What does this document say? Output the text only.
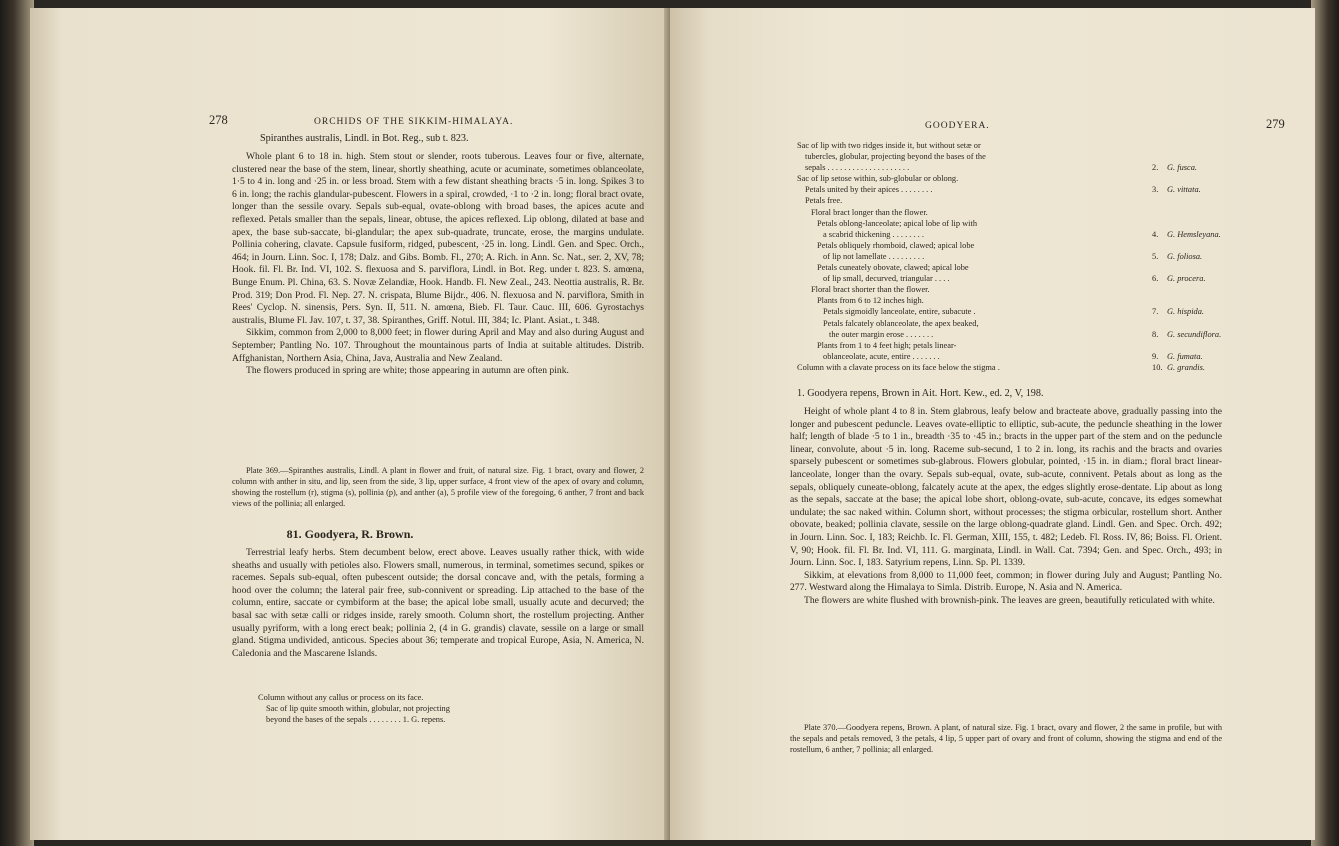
278	ORCHIDS OF THE SIKKIM-HIMALAYA.
Spiranthes australis, Lindl. in Bot. Reg., sub t. 823.

Whole plant 6 to 18 in. high. Stem stout or slender, roots tuberous. Leaves four or five, alternate, clustered near the base of the stem, linear, shortly sheathing, acute or acuminate, sometimes oblanceolate, 1·5 to 4 in. long and ·25 in. or less broad. Stem with a few distant sheathing bracts ·5 in. long. Spikes 3 to 6 in. long; the rachis glandular-pubescent. Flowers in a spiral, crowded, ·1 to ·2 in. long; floral bract ovate, longer than the sessile ovary. Sepals sub-equal, ovate-oblong with broad bases, the apices acute and reflexed. Petals smaller than the sepals, linear, obtuse, the apices reflexed. Lip oblong, dilated at base and apex, the base sub-saccate, bi-glandular; the apex sub-quadrate, truncate, erose, the margins undulate. Pollinia cohering, clavate. Capsule fusiform, ridged, pubescent, ·25 in. long. Lindl. Gen. and Spec. Orch., 464; in Journ. Linn. Soc. I, 178; Dalz. and Gibs. Bomb. Fl., 270; A. Rich. in Ann. Sc. Nat., ser. 2, XV, 78; Hook. fil. Fl. Br. Ind. VI, 102. S. flexuosa and S. parviflora, Lindl. in Bot. Reg. under t. 823. S. amœna, Bunge Enum. Pl. China, 63. S. Novæ Zelandiæ, Hook. Handb. Fl. New Zeal., 243. Neottia australis, R. Br. Prod. 319; Don Prod. Fl. Nep. 27. N. crispata, Blume Bijdr., 406. N. flexuosa and N. parviflora, Smith in Rees' Cyclop. N. sinensis, Pers. Syn. II, 511. N. amœna, Bieb. Fl. Taur. Cauc. III, 606. Gyrostachys australis, Blume Fl. Jav. 107, t. 37, 38. Spiranthes, Griff. Notul. III, 384; Ic. Plant. Asiat., t. 348.

Sikkim, common from 2,000 to 8,000 feet; in flower during April and May and also during August and September; Pantling No. 107. Throughout the mountainous parts of India at suitable altitudes. Distrib. Affghanistan, Northern Asia, China, Java, Australia and New Zealand.

The flowers produced in spring are white; those appearing in autumn are often pink.

Plate 369.—Spiranthes australis, Lindl. A plant in flower and fruit, of natural size. Fig. 1 bract, ovary and flower, 2 column with anther in situ, and lip, seen from the side, 3 lip, upper surface, 4 front view of the apex of ovary and column, showing the rostellum (r), stigma (s), pollinia (p), and anther (a), 5 profile view of the foregoing, 6 anther, 7 front and back views of the pollinia; all enlarged.

81. Goodyera, R. Brown.

Terrestrial leafy herbs. Stem decumbent below, erect above. Leaves usually rather thick, with wide sheaths and usually with petioles also. Flowers small, numerous, in terminal, sometimes secund, spikes or racemes. Sepals sub-equal, often pubescent outside; the dorsal concave and, with the petals, forming a hood over the column; the lateral pair free, sub-connivent or spreading. Lip attached to the base of the column, entire, saccate or cymbiform at the base; the apical lobe small, usually acute and decurved; the basal sac with setæ calli or ridges inside, rarely smooth. Column short, the rostellum projecting. Anther usually pyriform, with a long erect beak; pollinia 2, (4 in G. grandis) clavate, sessile on a large or small gland. Stigma undivided, anticous. Species about 36; temperate and tropical Europe, Asia, N. America, N. Caledonia and the Mascarene Islands.

Column without any callus or process on its face.
Sac of lip quite smooth within, globular, not projecting
beyond the bases of the sepals . . . . . . . . 1. G. repens.
GOODYERA.	279
Sac of lip with two ridges inside it, but without setæ or
tubercles, globular, projecting beyond the bases of the
sepals . . . . . . . . . . . . . . . . . . . .	2. G. fusca.
Sac of lip setose within, sub-globular or oblong.
Petals united by their apices . . . . . . . .	3. G. vittata.
Petals free.
Floral bract longer than the flower.
Petals oblong-lanceolate; apical lobe of lip with
a scabrid thickening . . . . . . . .	4. G. Hemsleyana.
Petals obliquely rhomboid, clawed; apical lobe
of lip not lamellate . . . . . . . . .	5. G. foliosa.
Petals cuneately obovate, clawed; apical lobe
of lip small, decurved, triangular . . . .	6. G. procera.
Floral bract shorter than the flower.
Plants from 6 to 12 inches high.
Petals sigmoidly lanceolate, entire, subacute .	7. G. hispida.
Petals falcately oblanceolate, the apex beaked,
the outer margin erose . . . . . . .	8. G. secundiflora.
Plants from 1 to 4 feet high; petals linear-
oblanceolate, acute, entire . . . . . . .	9. G. fumata.
Column with a clavate process on its face below the stigma .	10. G. grandis.
1. Goodyera repens, Brown in Ait. Hort. Kew., ed. 2, V, 198.

Height of whole plant 4 to 8 in. Stem glabrous, leafy below and bracteate above, gradually passing into the longer and pubescent peduncle. Leaves ovate-elliptic to elliptic, sub-acute, the peduncle sheathing in the lower half; length of blade ·5 to 1 in., breadth ·35 to ·45 in.; bracts in the upper part of the stem and on the peduncle linear, convolute, about ·5 in. long. Raceme sub-secund, 1 to 2 in. long, its rachis and the bracts and ovaries sparsely pubescent or sometimes sub-glabrous. Flowers globular, pointed, ·15 in. in diam.; floral bract linear-lanceolate, longer than the ovary. Sepals sub-equal, ovate, sub-acute, connivent. Petals about as long as the sepals, obliquely cuneate-oblong, falcately acute at the apex, the edges slightly erose-dentate. Lip about as long as the sepals, saccate at the base; the apical lobe short, oblong-ovate, sub-acute, concave, its edges somewhat undulate; the sac naked within. Column short, without processes; the stigma orbicular, rostellum short. Anther obovate, beaked; pollinia clavate, sessile on the large oblong-quadrate gland. Lindl. Gen. and Spec. Orch. 492; in Journ. Linn. Soc. I, 183; Reichb. Ic. Fl. German, XIII, 155, t. 482; Ledeb. Fl. Ross. IV, 86; Boiss. Fl. Orient. V, 90; Hook. fil. Fl. Br. Ind. VI, 111. G. marginata, Lindl. in Wall. Cat. 7394; Gen. and Spec. Orch., 493; in Journ. Linn. Soc. I, 183. Satyrium repens, Linn. Sp. Pl. 1339.

Sikkim, at elevations from 8,000 to 11,000 feet, common; in flower during July and August; Pantling No. 277. Westward along the Himalaya to Simla. Distrib. Europe, N. Asia and N. America.

The flowers are white flushed with brownish-pink. The leaves are green, beautifully reticulated with white.

Plate 370.—Goodyera repens, Brown. A plant, of natural size. Fig. 1 bract, ovary and flower, 2 the same in profile, but with the sepals and petals removed, 3 the petals, 4 lip, 5 upper part of ovary and front of column, showing the stigma and end of the rostellum, 6 anther, 7 pollinia; all enlarged.
